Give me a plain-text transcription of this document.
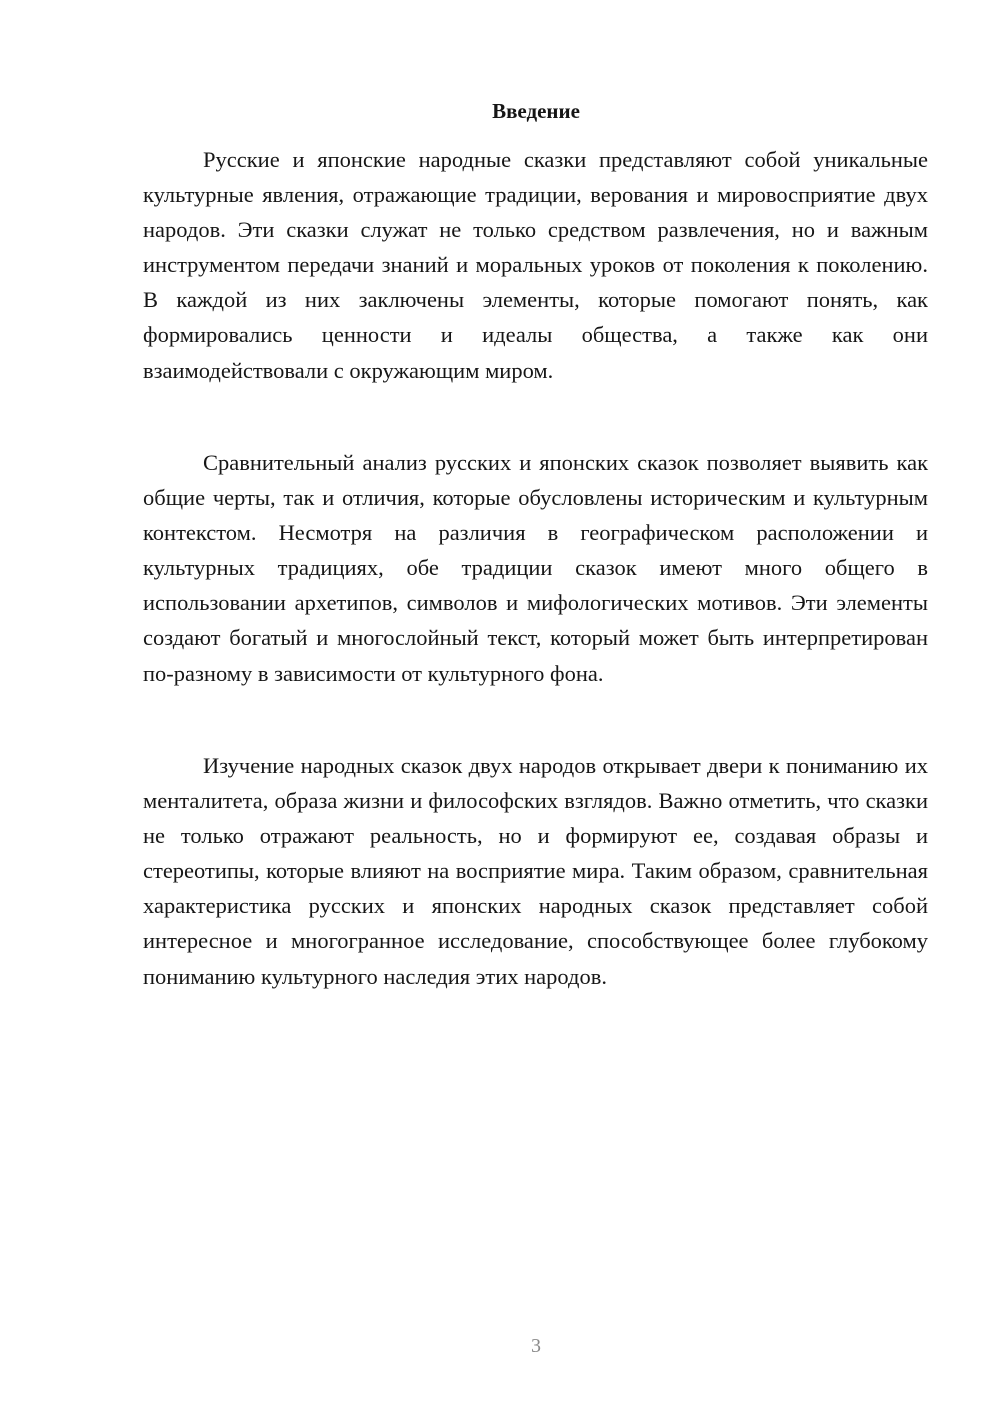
Введение

Русские и японские народные сказки представляют собой уникальные культурные явления, отражающие традиции, верования и мировосприятие двух народов. Эти сказки служат не только средством развлечения, но и важным инструментом передачи знаний и моральных уроков от поколения к поколению. В каждой из них заключены элементы, которые помогают понять, как формировались ценности и идеалы общества, а также как они взаимодействовали с окружающим миром.

Сравнительный анализ русских и японских сказок позволяет выявить как общие черты, так и отличия, которые обусловлены историческим и культурным контекстом. Несмотря на различия в географическом расположении и культурных традициях, обе традиции сказок имеют много общего в использовании архетипов, символов и мифологических мотивов. Эти элементы создают богатый и многослойный текст, который может быть интерпретирован по-разному в зависимости от культурного фона.

Изучение народных сказок двух народов открывает двери к пониманию их менталитета, образа жизни и философских взглядов. Важно отметить, что сказки не только отражают реальность, но и формируют ее, создавая образы и стереотипы, которые влияют на восприятие мира. Таким образом, сравнительная характеристика русских и японских народных сказок представляет собой интересное и многогранное исследование, способствующее более глубокому пониманию культурного наследия этих народов.

3
